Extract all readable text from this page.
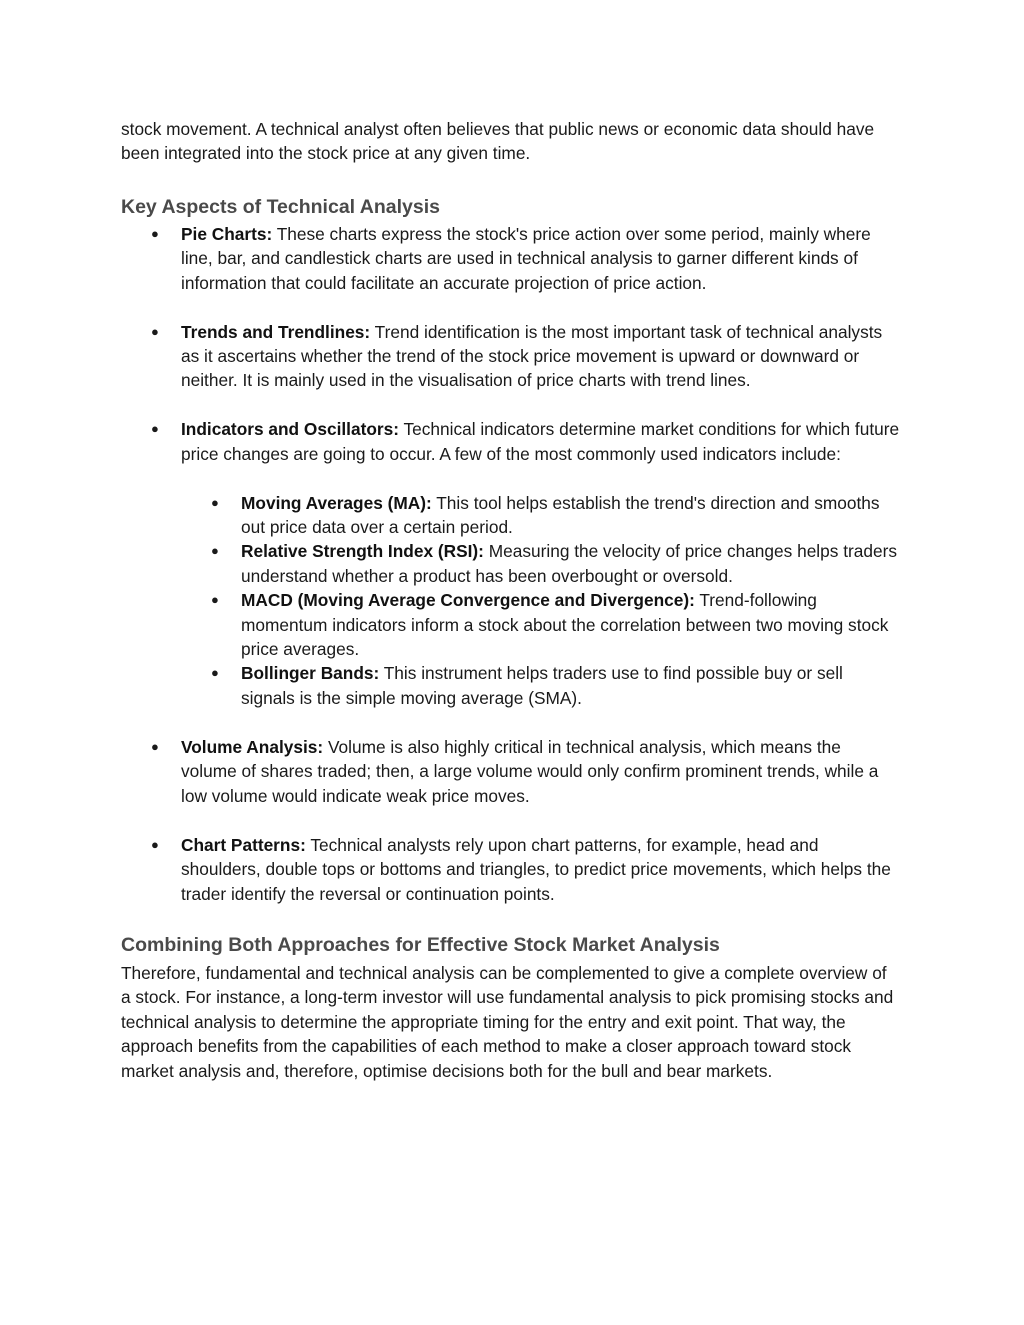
stock movement. A technical analyst often believes that public news or economic data should have been integrated into the stock price at any given time.

Key Aspects of Technical Analysis
● Pie Charts: These charts express the stock's price action over some period, mainly where line, bar, and candlestick charts are used in technical analysis to garner different kinds of information that could facilitate an accurate projection of price action.
● Trends and Trendlines: Trend identification is the most important task of technical analysts as it ascertains whether the trend of the stock price movement is upward or downward or neither. It is mainly used in the visualisation of price charts with trend lines.
● Indicators and Oscillators: Technical indicators determine market conditions for which future price changes are going to occur. A few of the most commonly used indicators include:
● Moving Averages (MA): This tool helps establish the trend's direction and smooths out price data over a certain period.
● Relative Strength Index (RSI): Measuring the velocity of price changes helps traders understand whether a product has been overbought or oversold.
● MACD (Moving Average Convergence and Divergence): Trend-following momentum indicators inform a stock about the correlation between two moving stock price averages.
● Bollinger Bands: This instrument helps traders use to find possible buy or sell signals is the simple moving average (SMA).
● Volume Analysis: Volume is also highly critical in technical analysis, which means the volume of shares traded; then, a large volume would only confirm prominent trends, while a low volume would indicate weak price moves.
● Chart Patterns: Technical analysts rely upon chart patterns, for example, head and shoulders, double tops or bottoms and triangles, to predict price movements, which helps the trader identify the reversal or continuation points.
Combining Both Approaches for Effective Stock Market Analysis

Therefore, fundamental and technical analysis can be complemented to give a complete overview of a stock. For instance, a long-term investor will use fundamental analysis to pick promising stocks and technical analysis to determine the appropriate timing for the entry and exit point. That way, the approach benefits from the capabilities of each method to make a closer approach toward stock market analysis and, therefore, optimise decisions both for the bull and bear markets.
